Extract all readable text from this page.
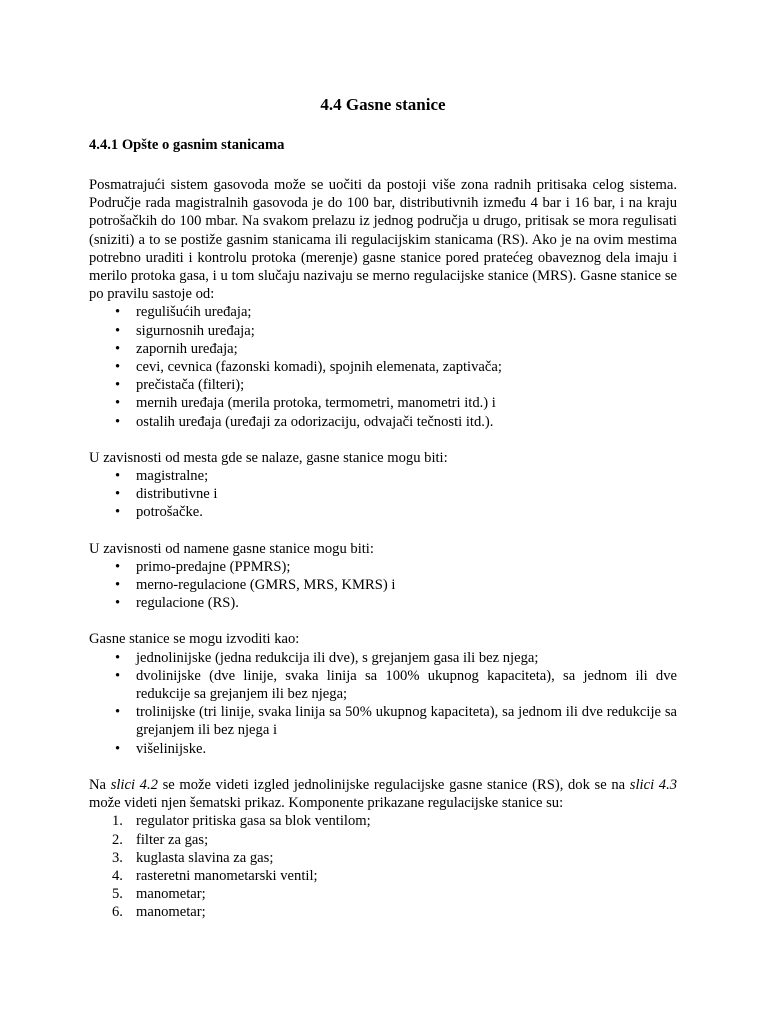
4.4 Gasne stanice
4.4.1 Opšte o gasnim stanicama

Posmatrajući sistem gasovoda može se uočiti da postoji više zona radnih pritisaka celog sistema. Područje rada magistralnih gasovoda je do 100 bar, distributivnih između 4 bar i 16 bar, i na kraju potrošačkih do 100 mbar. Na svakom prelazu iz jednog područja u drugo, pritisak se mora regulisati (sniziti) a to se postiže gasnim stanicama ili regulacijskim stanicama (RS). Ako je na ovim mestima potrebno uraditi i kontrolu protoka (merenje) gasne stanice pored pratećeg obaveznog dela imaju i merilo protoka gasa, i u tom slučaju nazivaju se merno regulacijske stanice (MRS). Gasne stanice se po pravilu sastoje od:

• regulišućih uređaja;
• sigurnosnih uređaja;
• zapornih uređaja;
• cevi, cevnica (fazonski komadi), spojnih elemenata, zaptivača;
• prečistača (filteri);
• mernih uređaja (merila protoka, termometri, manometri itd.) i
• ostalih uređaja (uređaji za odorizaciju, odvajači tečnosti itd.).

U zavisnosti od mesta gde se nalaze, gasne stanice mogu biti:

• magistralne;
• distributivne i
• potrošačke.

U zavisnosti od namene gasne stanice mogu biti:

• primo-predajne (PPMRS);
• merno-regulacione (GMRS, MRS, KMRS) i
• regulacione (RS).

Gasne stanice se mogu izvoditi kao:

• jednolinijske (jedna redukcija ili dve), s grejanjem gasa ili bez njega;
• dvolinijske (dve linije, svaka linija sa 100% ukupnog kapaciteta), sa jednom ili dve redukcije sa grejanjem ili bez njega;
• trolinijske (tri linije, svaka linija sa 50% ukupnog kapaciteta), sa jednom ili dve redukcije sa grejanjem ili bez njega i
• višelinijske.

Na slici 4.2 se može videti izgled jednolinijske regulacijske gasne stanice (RS), dok se na slici 4.3 može videti njen šematski prikaz. Komponente prikazane regulacijske stanice su:

1. regulator pritiska gasa sa blok ventilom;
2. filter za gas;
3. kuglasta slavina za gas;
4. rasteretni manometarski ventil;
5. manometar;
6. manometar;
